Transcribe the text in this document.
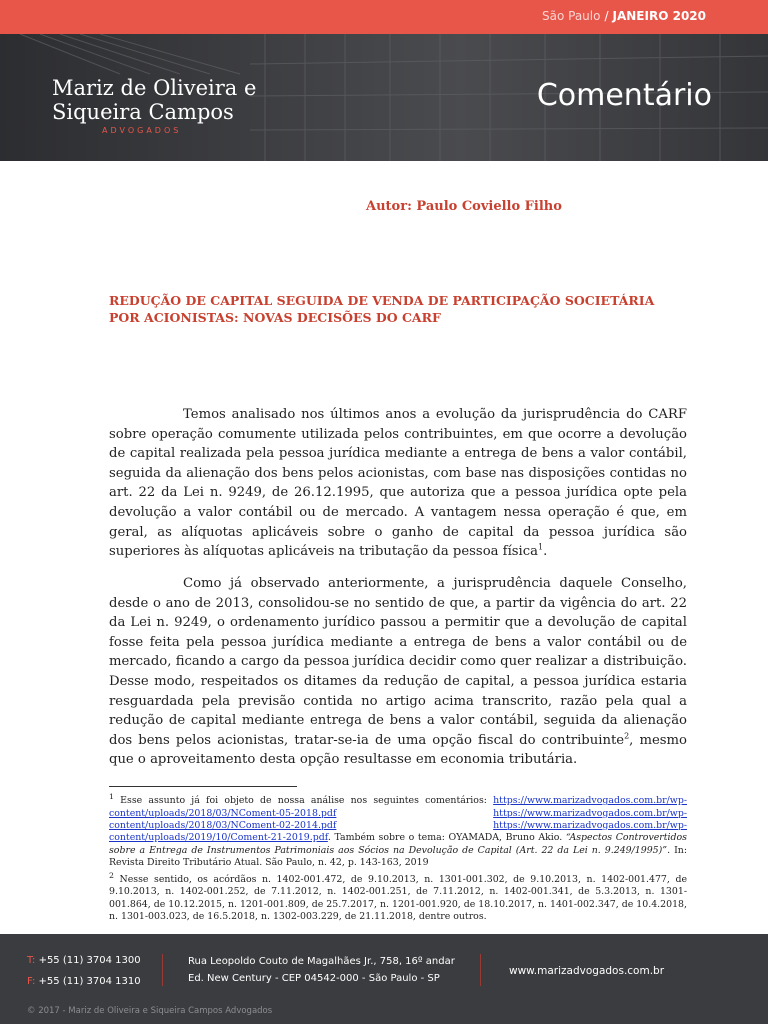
São Paulo / JANEIRO 2020
Mariz de Oliveira e
Siqueira Campos
ADVOGADOS
Comentário
Autor: Paulo Coviello Filho
REDUÇÃO DE CAPITAL SEGUIDA DE VENDA DE PARTICIPAÇÃO SOCIETÁRIA POR ACIONISTAS: NOVAS DECISÕES DO CARF
Temos analisado nos últimos anos a evolução da jurisprudência do CARF sobre operação comumente utilizada pelos contribuintes, em que ocorre a devolução de capital realizada pela pessoa jurídica mediante a entrega de bens a valor contábil, seguida da alienação dos bens pelos acionistas, com base nas disposições contidas no art. 22 da Lei n. 9249, de 26.12.1995, que autoriza que a pessoa jurídica opte pela devolução a valor contábil ou de mercado. A vantagem nessa operação é que, em geral, as alíquotas aplicáveis sobre o ganho de capital da pessoa jurídica são superiores às alíquotas aplicáveis na tributação da pessoa física$^1$.
Como já observado anteriormente, a jurisprudência daquele Conselho, desde o ano de 2013, consolidou-se no sentido de que, a partir da vigência do art. 22 da Lei n. 9249, o ordenamento jurídico passou a permitir que a devolução de capital fosse feita pela pessoa jurídica mediante a entrega de bens a valor contábil ou de mercado, ficando a cargo da pessoa jurídica decidir como quer realizar a distribuição. Desse modo, respeitados os ditames da redução de capital, a pessoa jurídica estaria resguardada pela previsão contida no artigo acima transcrito, razão pela qual a redução de capital mediante entrega de bens a valor contábil, seguida da alienação dos bens pelos acionistas, tratar-se-ia de uma opção fiscal do contribuinte$^2$, mesmo que o aproveitamento desta opção resultasse em economia tributária.

$^1$ Esse assunto já foi objeto de nossa análise nos seguintes comentários: https://www.marizadvogados.com.br/wp-content/uploads/2018/03/NComent-05-2018.pdf	https://www.marizadvogados.com.br/wp-content/uploads/2018/03/NComent-02-2014.pdf	https://www.marizadvogados.com.br/wp-content/uploads/2019/10/Coment-21-2019.pdf. Também sobre o tema: OYAMADA, Bruno Akio. “Aspectos Controvertidos sobre a Entrega de Instrumentos Patrimoniais aos Sócios na Devolução de Capital (Art. 22 da Lei n. 9.249/1995)”. In: Revista Direito Tributário Atual. São Paulo, n. 42, p. 143-163, 2019

$^2$ Nesse sentido, os acórdãos n. 1402-001.472, de 9.10.2013, n. 1301-001.302, de 9.10.2013, n. 1402-001.477, de 9.10.2013, n. 1402-001.252, de 7.11.2012, n. 1402-001.251, de 7.11.2012, n. 1402-001.341, de 5.3.2013, n. 1301-001.864, de 10.12.2015, n. 1201-001.809, de 25.7.2017, n. 1201-001.920, de 18.10.2017, n. 1401-002.347, de 10.4.2018, n. 1301-003.023, de 16.5.2018, n. 1302-003.229, de 21.11.2018, dentre outros.

T: +55 (11) 3704 1300
F: +55 (11) 3704 1310
Rua Leopoldo Couto de Magalhães Jr., 758, 16º andar
Ed. New Century - CEP 04542-000 - São Paulo - SP
www.marizadvogados.com.br
© 2017 - Mariz de Oliveira e Siqueira Campos Advogados
